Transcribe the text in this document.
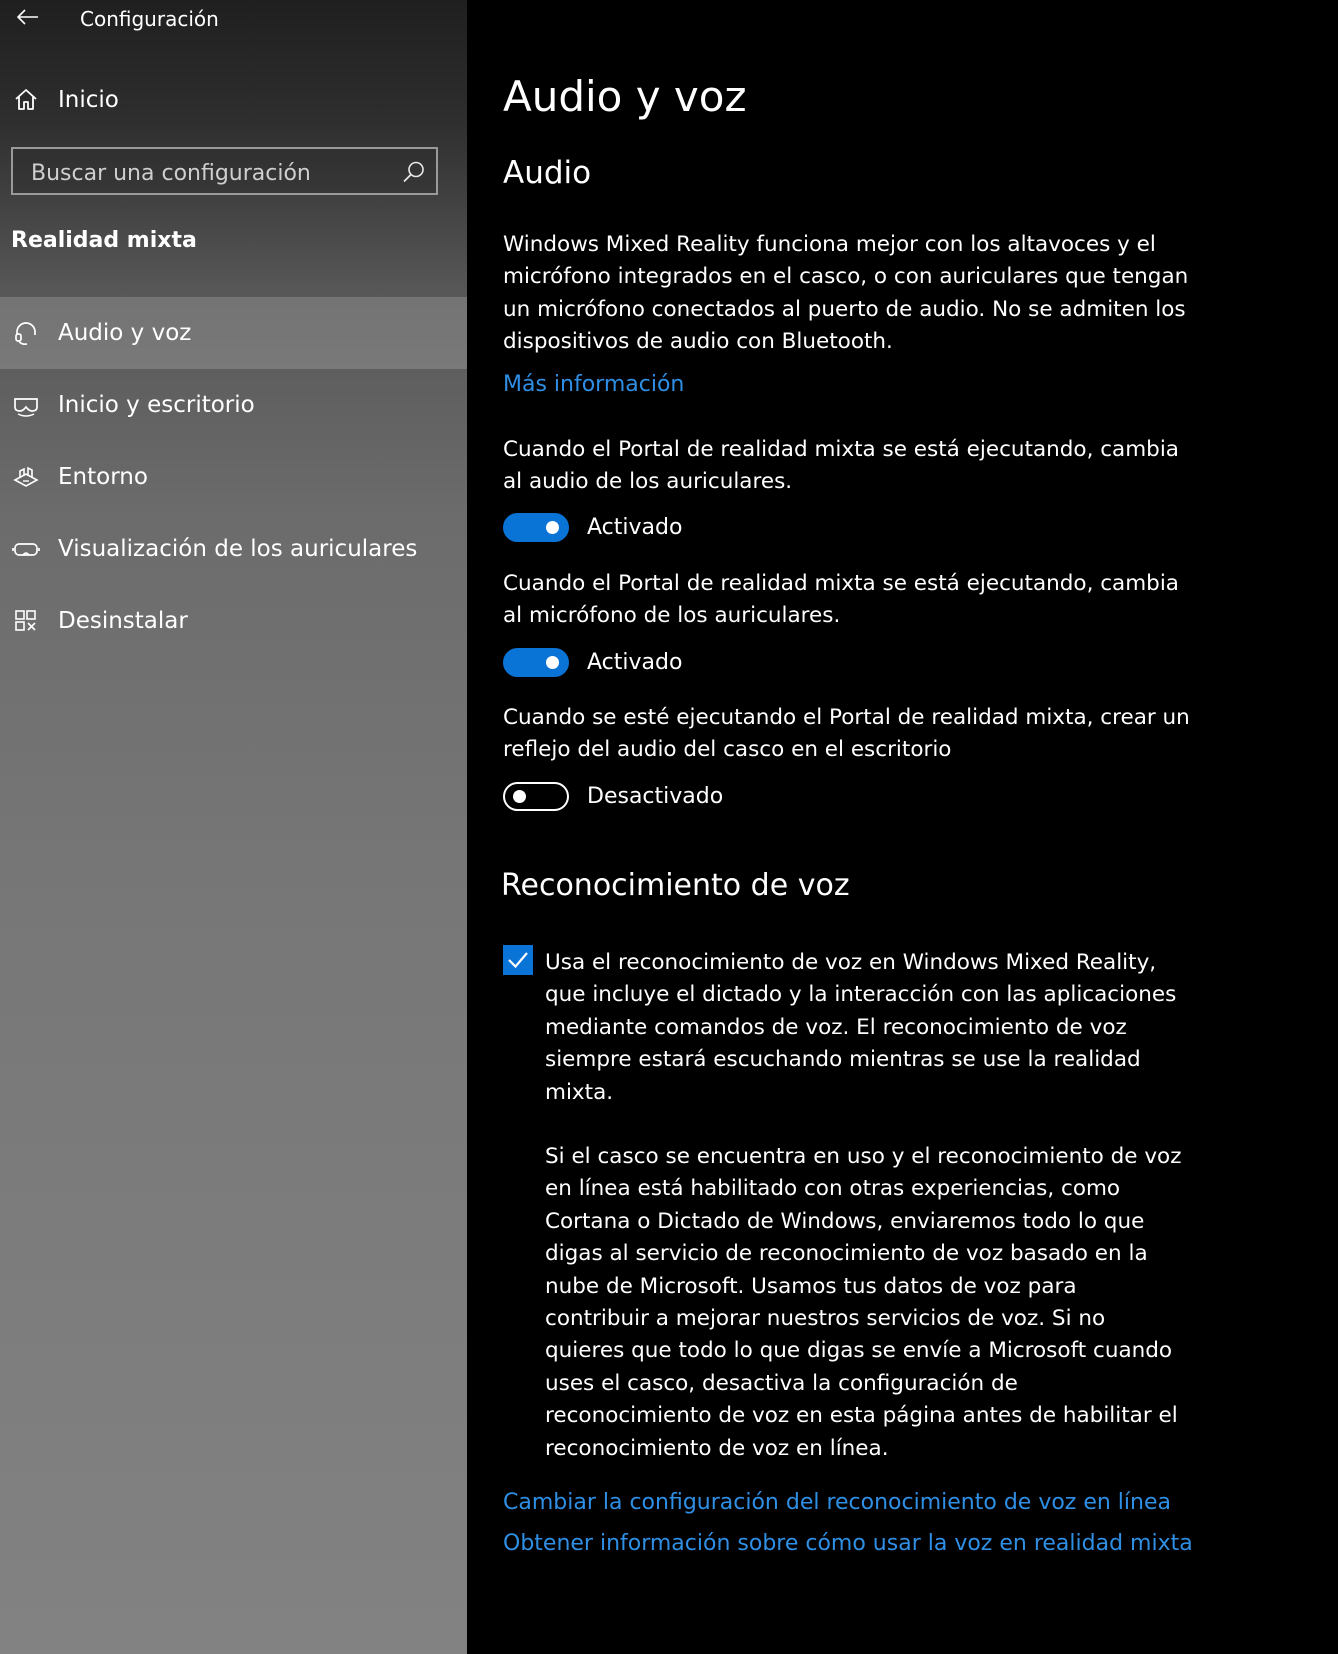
Configuración
Inicio
Buscar una configuración
Realidad mixta
Audio y voz
Inicio y escritorio
Entorno
Visualización de los auriculares
Desinstalar
Audio y voz
Audio

Windows Mixed Reality funciona mejor con los altavoces y el micrófono integrados en el casco, o con auriculares que tengan un micrófono conectados al puerto de audio. No se admiten los dispositivos de audio con Bluetooth.

Más información

Cuando el Portal de realidad mixta se está ejecutando, cambia al audio de los auriculares.

Activado

Cuando el Portal de realidad mixta se está ejecutando, cambia al micrófono de los auriculares.

Activado

Cuando se esté ejecutando el Portal de realidad mixta, crear un reflejo del audio del casco en el escritorio

Desactivado
Reconocimiento de voz

Usa el reconocimiento de voz en Windows Mixed Reality, que incluye el dictado y la interacción con las aplicaciones mediante comandos de voz. El reconocimiento de voz siempre estará escuchando mientras se use la realidad mixta.

Si el casco se encuentra en uso y el reconocimiento de voz en línea está habilitado con otras experiencias, como Cortana o Dictado de Windows, enviaremos todo lo que digas al servicio de reconocimiento de voz basado en la nube de Microsoft. Usamos tus datos de voz para contribuir a mejorar nuestros servicios de voz. Si no quieres que todo lo que digas se envíe a Microsoft cuando uses el casco, desactiva la configuración de reconocimiento de voz en esta página antes de habilitar el reconocimiento de voz en línea.

Cambiar la configuración del reconocimiento de voz en línea
Obtener información sobre cómo usar la voz en realidad mixta
